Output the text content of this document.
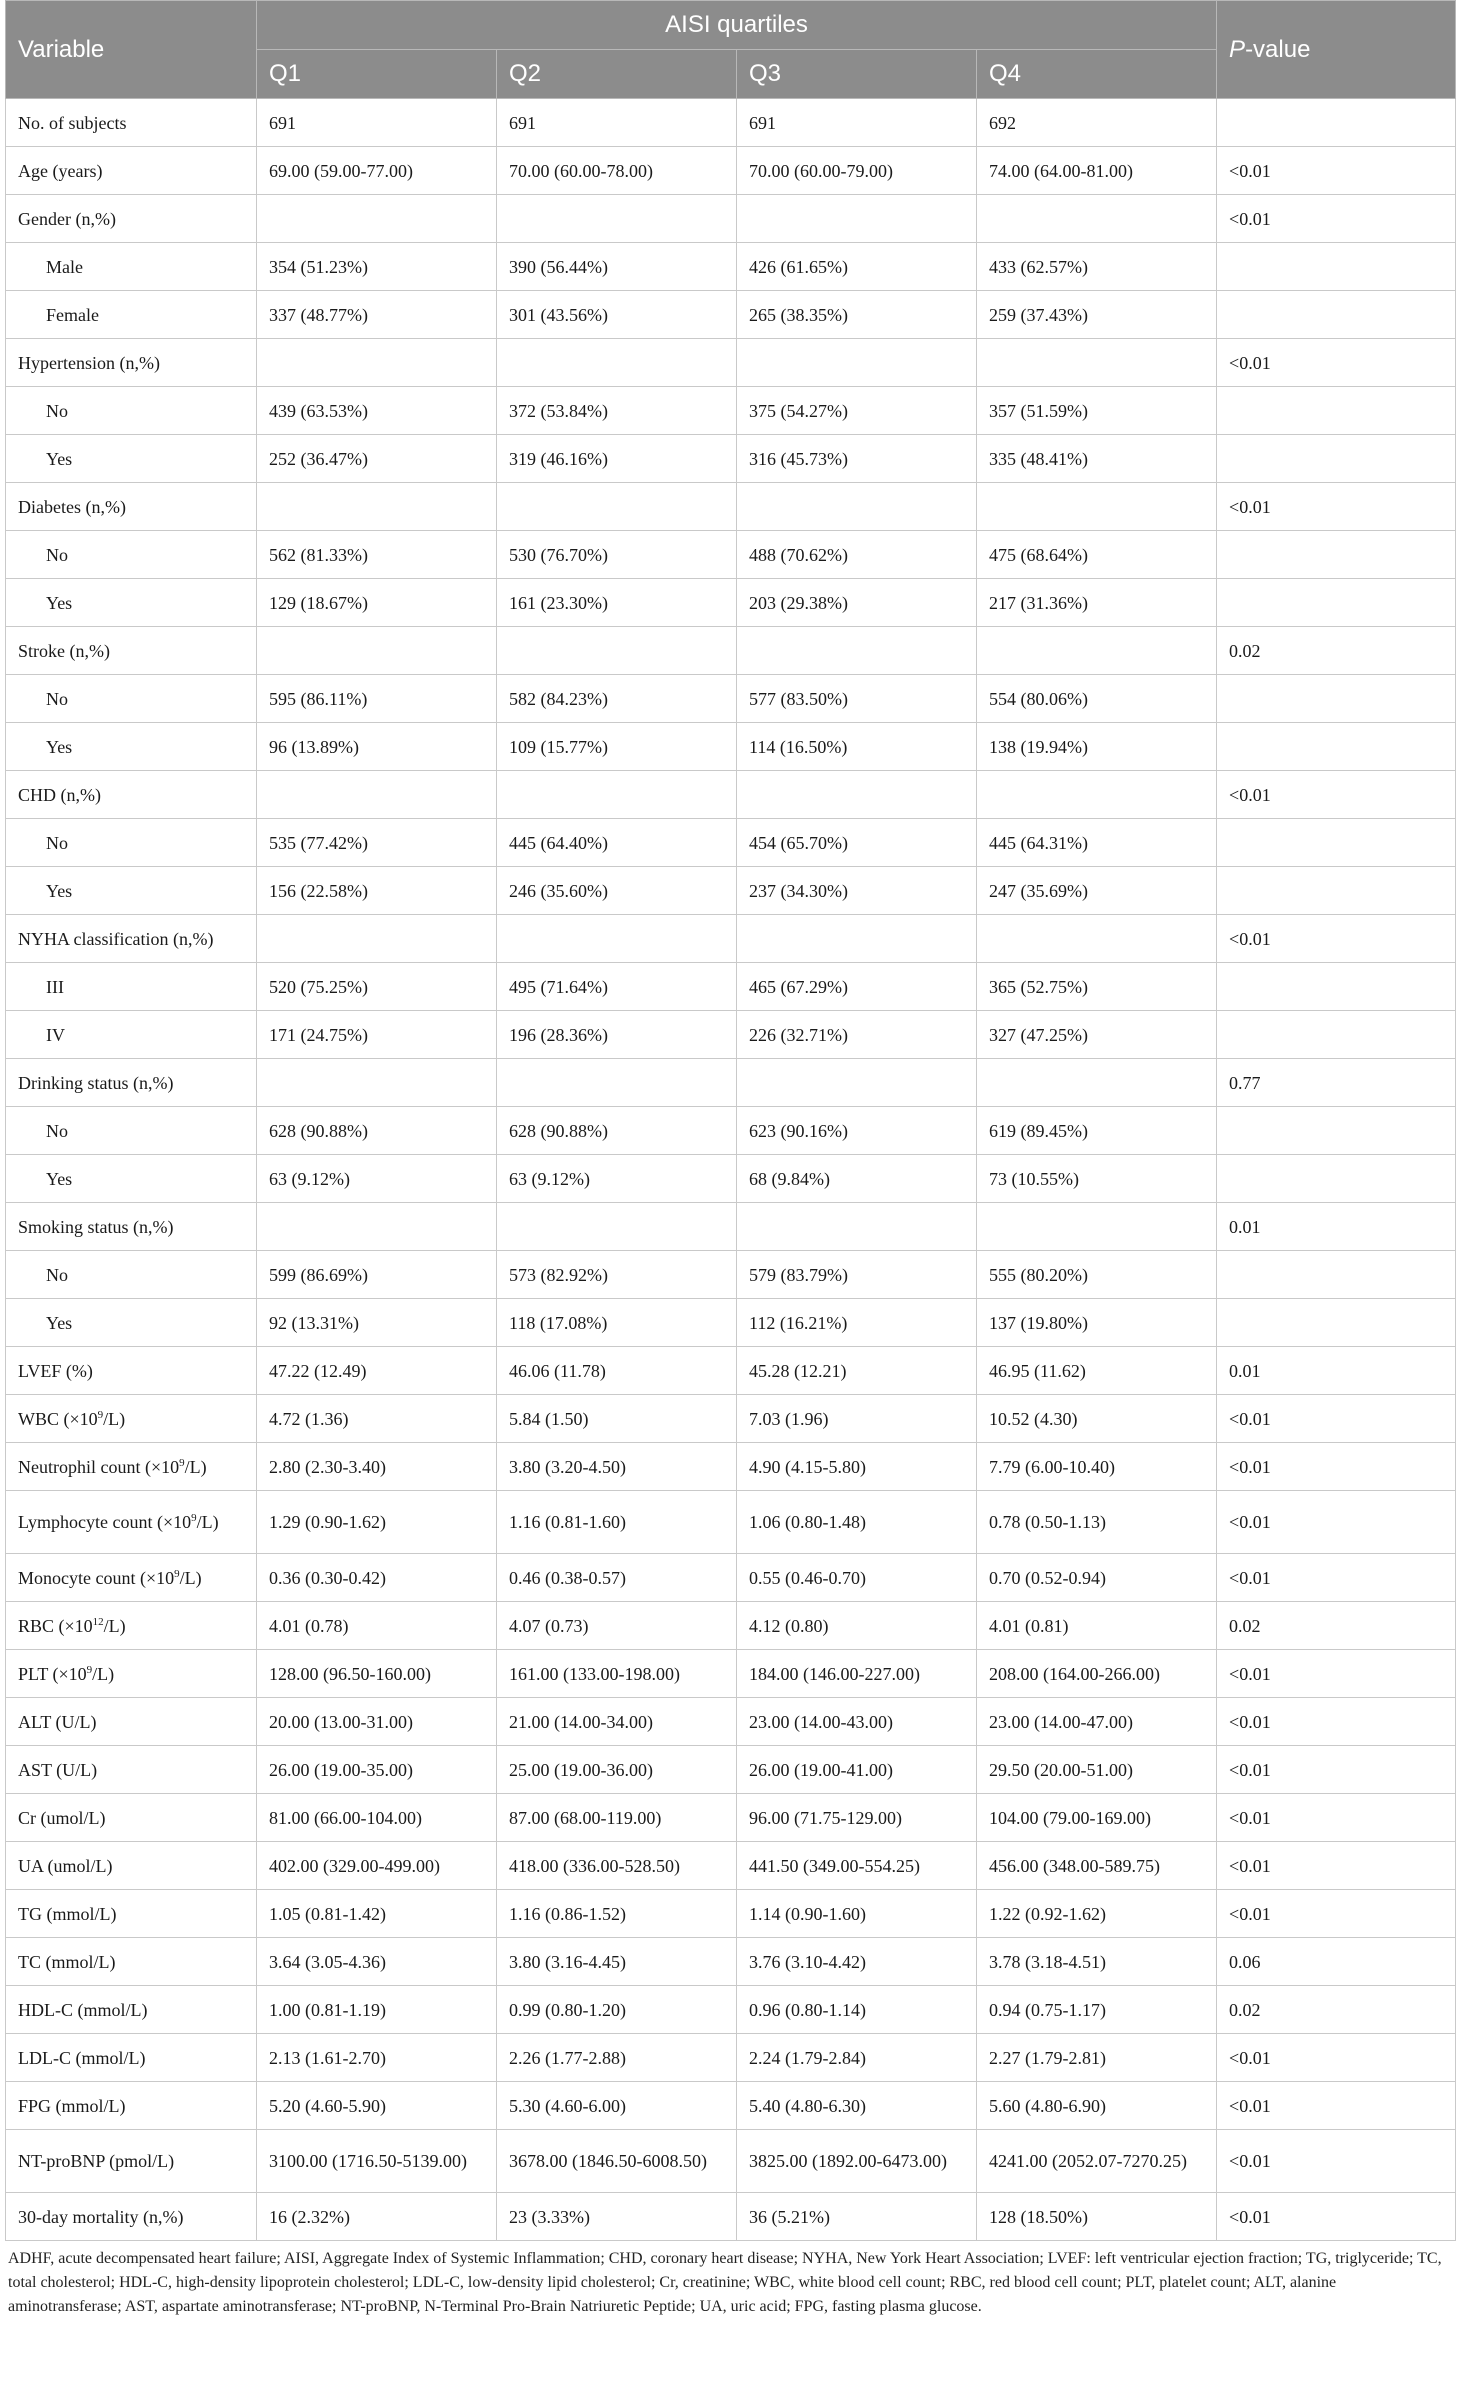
Variable	AISI quartiles				P-value
	Q1	Q2	Q3	Q4	
No. of subjects	691	691	691	692	
Age (years)	69.00 (59.00-77.00)	70.00 (60.00-78.00)	70.00 (60.00-79.00)	74.00 (64.00-81.00)	<0.01
Gender (n,%)					<0.01
Male	354 (51.23%)	390 (56.44%)	426 (61.65%)	433 (62.57%)	
Female	337 (48.77%)	301 (43.56%)	265 (38.35%)	259 (37.43%)	
Hypertension (n,%)					<0.01
No	439 (63.53%)	372 (53.84%)	375 (54.27%)	357 (51.59%)	
Yes	252 (36.47%)	319 (46.16%)	316 (45.73%)	335 (48.41%)	
Diabetes (n,%)					<0.01
No	562 (81.33%)	530 (76.70%)	488 (70.62%)	475 (68.64%)	
Yes	129 (18.67%)	161 (23.30%)	203 (29.38%)	217 (31.36%)	
Stroke (n,%)					0.02
No	595 (86.11%)	582 (84.23%)	577 (83.50%)	554 (80.06%)	
Yes	96 (13.89%)	109 (15.77%)	114 (16.50%)	138 (19.94%)	
CHD (n,%)					<0.01
No	535 (77.42%)	445 (64.40%)	454 (65.70%)	445 (64.31%)	
Yes	156 (22.58%)	246 (35.60%)	237 (34.30%)	247 (35.69%)	
NYHA classification (n,%)					<0.01
III	520 (75.25%)	495 (71.64%)	465 (67.29%)	365 (52.75%)	
IV	171 (24.75%)	196 (28.36%)	226 (32.71%)	327 (47.25%)	
Drinking status (n,%)					0.77
No	628 (90.88%)	628 (90.88%)	623 (90.16%)	619 (89.45%)	
Yes	63 (9.12%)	63 (9.12%)	68 (9.84%)	73 (10.55%)	
Smoking status (n,%)					0.01
No	599 (86.69%)	573 (82.92%)	579 (83.79%)	555 (80.20%)	
Yes	92 (13.31%)	118 (17.08%)	112 (16.21%)	137 (19.80%)	
LVEF (%)	47.22 (12.49)	46.06 (11.78)	45.28 (12.21)	46.95 (11.62)	0.01
WBC $(\times 10^9/L)$	4.72 (1.36)	5.84 (1.50)	7.03 (1.96)	10.52 (4.30)	<0.01
Neutrophil count $(\times 10^9/L)$	2.80 (2.30-3.40)	3.80 (3.20-4.50)	4.90 (4.15-5.80)	7.79 (6.00-10.40)	<0.01
Lymphocyte count $(\times 10^9/L)$	1.29 (0.90-1.62)	1.16 (0.81-1.60)	1.06 (0.80-1.48)	0.78 (0.50-1.13)	<0.01
Monocyte count $(\times 10^9/L)$	0.36 (0.30-0.42)	0.46 (0.38-0.57)	0.55 (0.46-0.70)	0.70 (0.52-0.94)	<0.01
RBC $(\times 10^{12}/L)$	4.01 (0.78)	4.07 (0.73)	4.12 (0.80)	4.01 (0.81)	0.02
PLT $(\times 10^9/L)$	128.00 (96.50-160.00)	161.00 (133.00-198.00)	184.00 (146.00-227.00)	208.00 (164.00-266.00)	<0.01
ALT (U/L)	20.00 (13.00-31.00)	21.00 (14.00-34.00)	23.00 (14.00-43.00)	23.00 (14.00-47.00)	<0.01
AST (U/L)	26.00 (19.00-35.00)	25.00 (19.00-36.00)	26.00 (19.00-41.00)	29.50 (20.00-51.00)	<0.01
Cr (umol/L)	81.00 (66.00-104.00)	87.00 (68.00-119.00)	96.00 (71.75-129.00)	104.00 (79.00-169.00)	<0.01
UA (umol/L)	402.00 (329.00-499.00)	418.00 (336.00-528.50)	441.50 (349.00-554.25)	456.00 (348.00-589.75)	<0.01
TG (mmol/L)	1.05 (0.81-1.42)	1.16 (0.86-1.52)	1.14 (0.90-1.60)	1.22 (0.92-1.62)	<0.01
TC (mmol/L)	3.64 (3.05-4.36)	3.80 (3.16-4.45)	3.76 (3.10-4.42)	3.78 (3.18-4.51)	0.06
HDL-C (mmol/L)	1.00 (0.81-1.19)	0.99 (0.80-1.20)	0.96 (0.80-1.14)	0.94 (0.75-1.17)	0.02
LDL-C (mmol/L)	2.13 (1.61-2.70)	2.26 (1.77-2.88)	2.24 (1.79-2.84)	2.27 (1.79-2.81)	<0.01
FPG (mmol/L)	5.20 (4.60-5.90)	5.30 (4.60-6.00)	5.40 (4.80-6.30)	5.60 (4.80-6.90)	<0.01
NT-proBNP (pmol/L)	3100.00 (1716.50-5139.00)	3678.00 (1846.50-6008.50)	3825.00 (1892.00-6473.00)	4241.00 (2052.07-7270.25)	<0.01
30-day mortality (n,%)	16 (2.32%)	23 (3.33%)	36 (5.21%)	128 (18.50%)	<0.01
ADHF, acute decompensated heart failure; AISI, Aggregate Index of Systemic Inflammation; CHD, coronary heart disease; NYHA, New York Heart Association; LVEF: left ventricular ejection fraction; TG, triglyceride; TC, total cholesterol; HDL-C, high-density lipoprotein cholesterol; LDL-C, low-density lipid cholesterol; Cr, creatinine; WBC, white blood cell count; RBC, red blood cell count; PLT, platelet count; ALT, alanine aminotransferase; AST, aspartate aminotransferase; NT-proBNP, N-Terminal Pro-Brain Natriuretic Peptide; UA, uric acid; FPG, fasting plasma glucose.
